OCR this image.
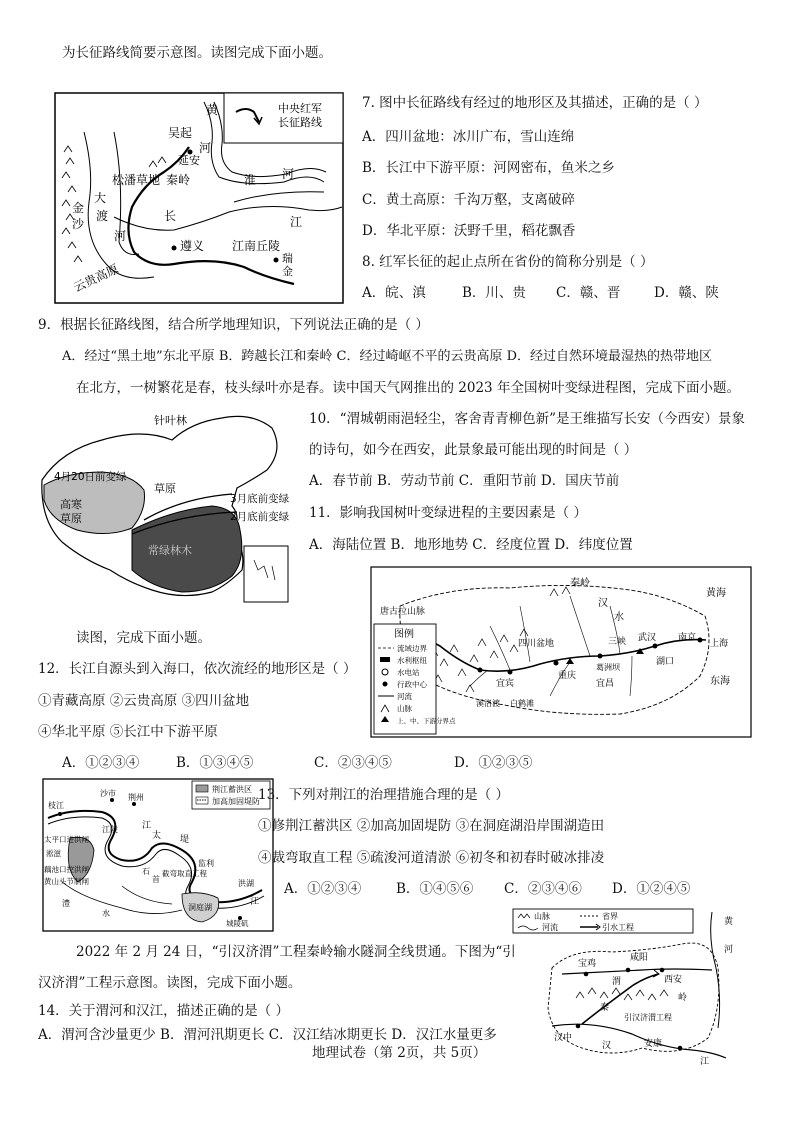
为长征路线简要示意图。读图完成下面小题。
中央红军
长征路线
黄
吴起
河
延安
河
淮
松潘草地 秦岭
大
渡
金
沙
河
长	江
遵义 江南丘陵
瑞
金
云贵高原
7. 图中长征路线有经过的地形区及其描述，正确的是（ ）
A．四川盆地：冰川广布，雪山连绵
B．长江中下游平原：河网密布，鱼米之乡
C．黄土高原：千沟万壑，支离破碎
D．华北平原：沃野千里，稻花飘香
8. 红军长征的起止点所在省份的简称分别是（ ）
A．皖、滇	B．川、贵 C．赣、晋 D．赣、陕
9．根据长征路线图，结合所学地理知识，下列说法正确的是（ ）
A．经过“黑土地”东北平原 B．跨越长江和秦岭 C．经过崎岖不平的云贵高原 D．经过自然环境最湿热的热带地区
在北方，一树繁花是春，枝头绿叶亦是春。读中国天气网推出的 2023 年全国树叶变绿进程图，完成下面小题。
针叶林
草原
4月20日前变绿
高寒
草原
3月底前变绿
2月底前变绿
常绿林木
10．“渭城朝雨浥轻尘，客舍青青柳色新”是王维描写长安（今西安）景象
的诗句，如今在西安，此景象最可能出现的时间是（ ）
A．春节前 B．劳动节前 C．重阳节前 D．国庆节前
11．影响我国树叶变绿进程的主要因素是（ ）
A．海陆位置 B．地形地势 C．经度位置 D．纬度位置
图例
流域边界
水利枢纽
水电站
行政中心
河流
山脉
上、中、下游分界点
秦岭
汉
水
黄海
唐古拉山脉
四川盆地	三峡
葛洲坝
武汉 南京
上海
宜宾
重庆
宜昌
湖口
东海
溪洛渡 白鹤滩
读图，完成下面小题。
12．长江自源头到入海口，依次流经的地形区是（ ）
①青藏高原 ②云贵高原 ③四川盆地
④华北平原 ⑤长江中下游平原
A．①②③④	B．①③④⑤	C．②③④⑤	D．①②③⑤
荆江蓄洪区
加高加固堤防
枝江
沙市 荆州
江
太平口进洪闸
淞滋
江陵
太 堤
监利
藕池口控洪闸
黄山头节制闸
石
首
截弯取直工程
澧
水
洞庭湖
城陵矶
洪湖
江
13．下列对荆江的治理措施合理的是（ ）
①修荆江蓄洪区 ②加高加固堤防 ③在洞庭湖沿岸围湖造田
④裁弯取直工程 ⑤疏浚河道清淤 ⑥初冬和初春时破冰排凌
A．①②③④	B．①④⑤⑥ C．②③④⑥ D．①②④⑤
山脉	省界
河流	引水工程
黄
河
宝鸡
渭
咸阳
西安
秦
岭
引汉济渭工程
汉中
汉	安康
江
2022 年 2 月 24 日，“引汉济渭”工程秦岭输水隧洞全线贯通。下图为“引
汉济渭”工程示意图。读图，完成下面小题。
14．关于渭河和汉江，描述正确的是（ ）
A．渭河含沙量更少 B．渭河汛期更长 C．汉江结冰期更长 D．汉江水量更多
地理试卷（第 2页，共 5页）
